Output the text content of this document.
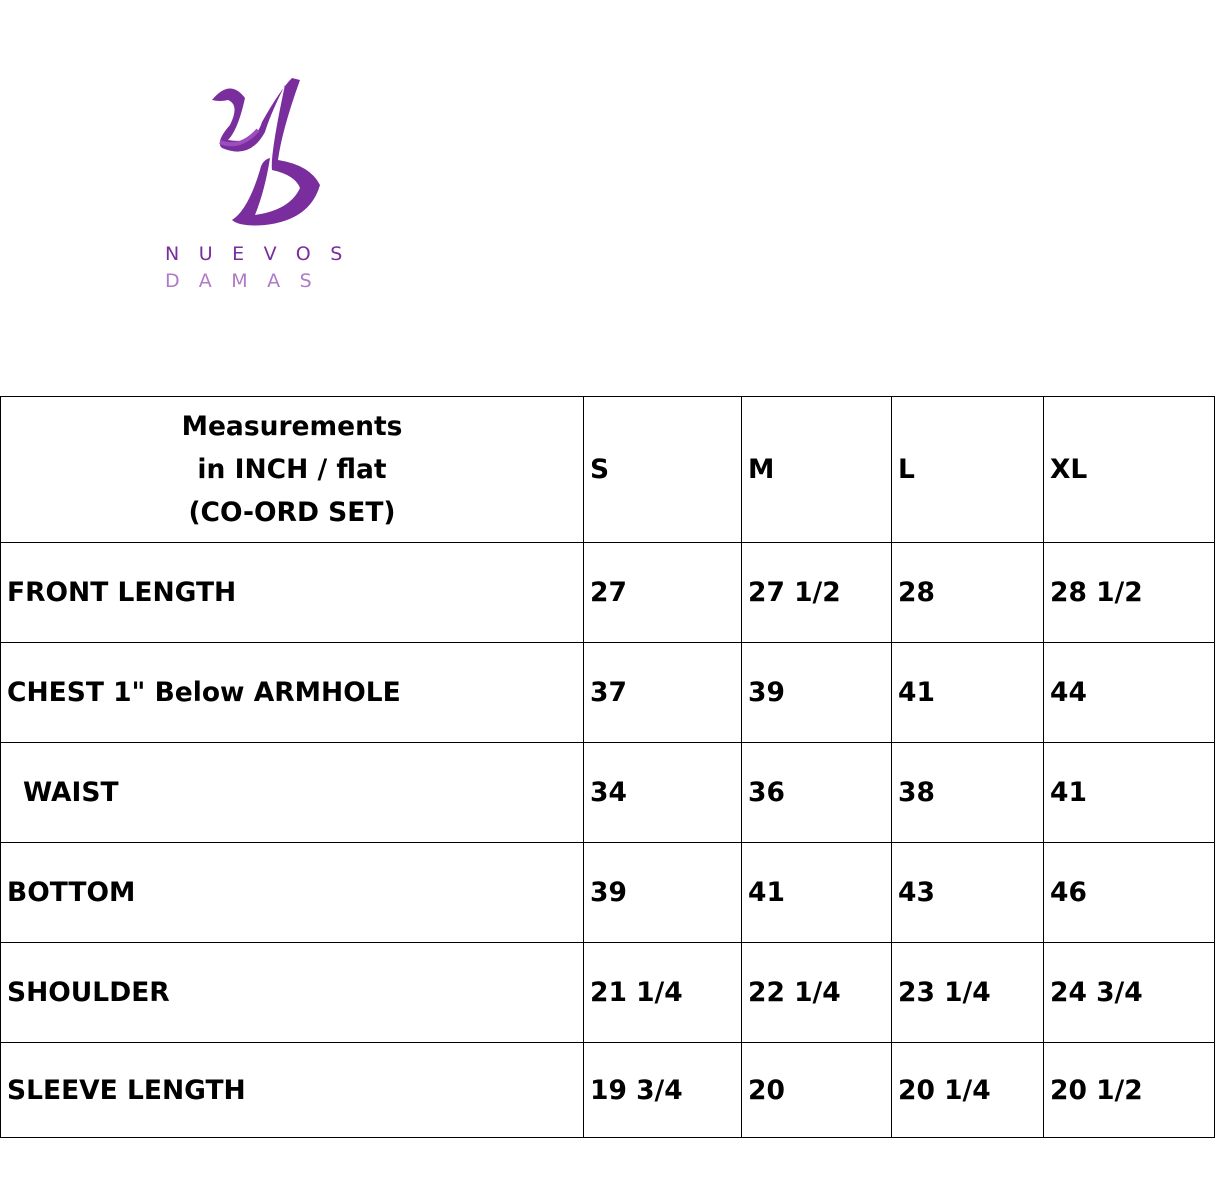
NUEVOS
DAMAS
Measurements
in INCH / flat
(CO-ORD SET)	S	M	L	XL
FRONT LENGTH	27	27 1/2	28	28 1/2
CHEST 1" Below ARMHOLE	37	39	41	44
WAIST	34	36	38	41
BOTTOM	39	41	43	46
SHOULDER	21 1/4	22 1/4	23 1/4	24 3/4
SLEEVE LENGTH	19 3/4	20	20 1/4	20 1/2
